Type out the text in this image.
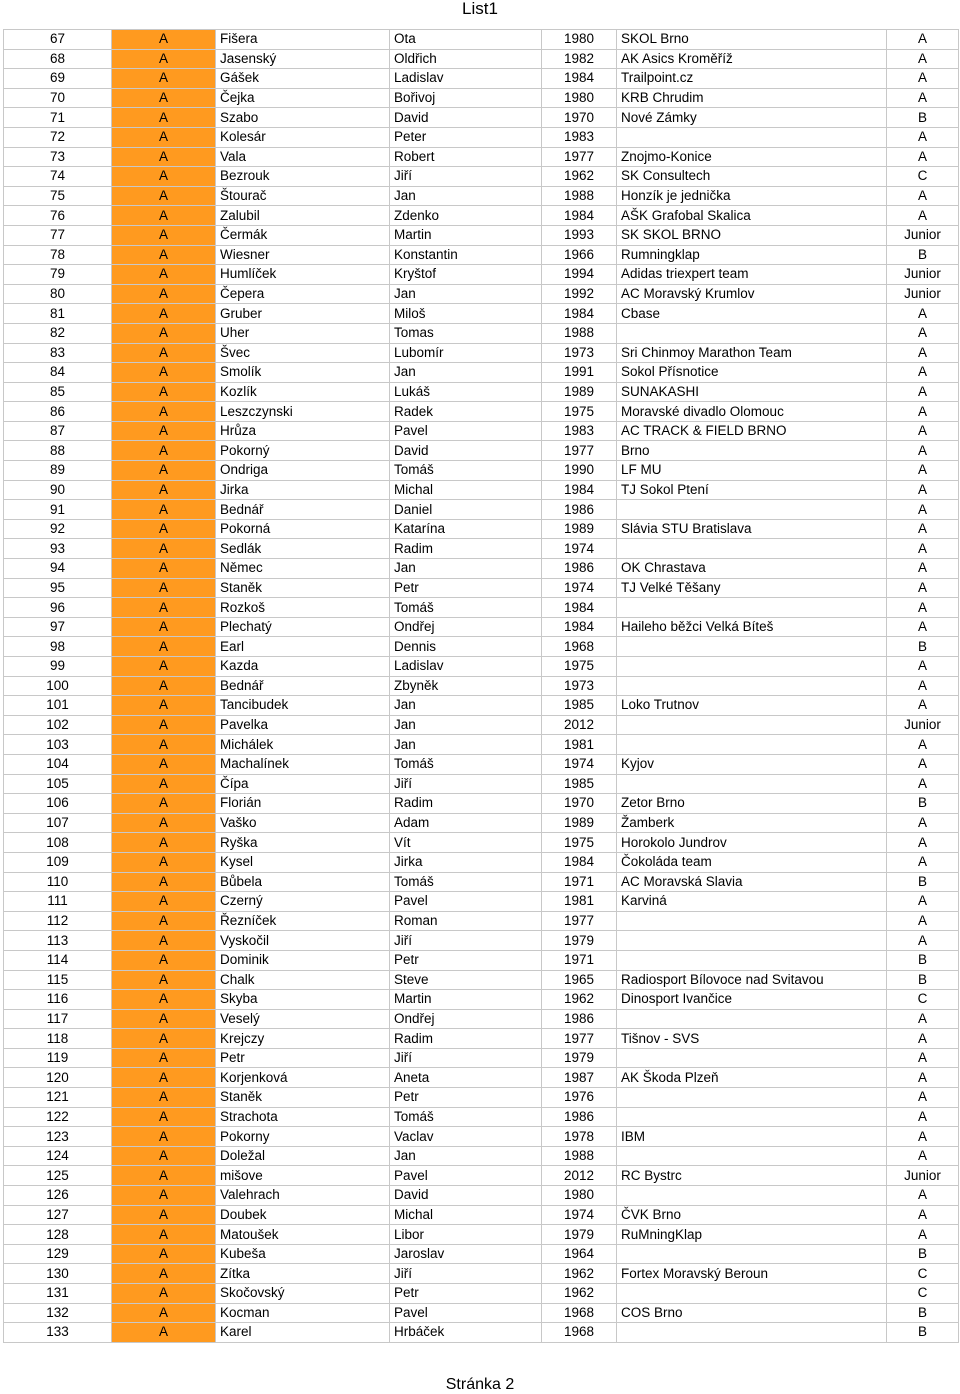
List1
67	A	Fišera	Ota	1980	SKOL Brno	A
68	A	Jasenský	Oldřich	1982	AK Asics Kroměříž	A
69	A	Gášek	Ladislav	1984	Trailpoint.cz	A
70	A	Čejka	Bořivoj	1980	KRB Chrudim	A
71	A	Szabo	David	1970	Nové Zámky	B
72	A	Kolesár	Peter	1983		A
73	A	Vala	Robert	1977	Znojmo-Konice	A
74	A	Bezrouk	Jiří	1962	SK Consultech	C
75	A	Štourač	Jan	1988	Honzík je jednička	A
76	A	Zalubil	Zdenko	1984	AŠK Grafobal Skalica	A
77	A	Čermák	Martin	1993	SK SKOL BRNO	Junior
78	A	Wiesner	Konstantin	1966	Rumningklap	B
79	A	Humlíček	Kryštof	1994	Adidas triexpert team	Junior
80	A	Čepera	Jan	1992	AC Moravský Krumlov	Junior
81	A	Gruber	Miloš	1984	Cbase	A
82	A	Uher	Tomas	1988		A
83	A	Švec	Lubomír	1973	Sri Chinmoy Marathon Team	A
84	A	Smolík	Jan	1991	Sokol Přísnotice	A
85	A	Kozlík	Lukáš	1989	SUNAKASHI	A
86	A	Leszczynski	Radek	1975	Moravské divadlo Olomouc	A
87	A	Hrůza	Pavel	1983	AC TRACK & FIELD BRNO	A
88	A	Pokorný	David	1977	Brno	A
89	A	Ondriga	Tomáš	1990	LF MU	A
90	A	Jirka	Michal	1984	TJ Sokol Ptení	A
91	A	Bednář	Daniel	1986		A
92	A	Pokorná	Katarína	1989	Slávia STU Bratislava	A
93	A	Sedlák	Radim	1974		A
94	A	Němec	Jan	1986	OK Chrastava	A
95	A	Staněk	Petr	1974	TJ Velké Těšany	A
96	A	Rozkoš	Tomáš	1984		A
97	A	Plechatý	Ondřej	1984	Haileho běžci Velká Bíteš	A
98	A	Earl	Dennis	1968		B
99	A	Kazda	Ladislav	1975		A
100	A	Bednář	Zbyněk	1973		A
101	A	Tancibudek	Jan	1985	Loko Trutnov	A
102	A	Pavelka	Jan	2012		Junior
103	A	Michálek	Jan	1981		A
104	A	Machalínek	Tomáš	1974	Kyjov	A
105	A	Čípa	Jiří	1985		A
106	A	Florián	Radim	1970	Zetor Brno	B
107	A	Vaško	Adam	1989	Žamberk	A
108	A	Ryška	Vít	1975	Horokolo Jundrov	A
109	A	Kysel	Jirka	1984	Čokoláda team	A
110	A	Bůbela	Tomáš	1971	AC Moravská Slavia	B
111	A	Czerný	Pavel	1981	Karviná	A
112	A	Řezníček	Roman	1977		A
113	A	Vyskočil	Jiří	1979		A
114	A	Dominik	Petr	1971		B
115	A	Chalk	Steve	1965	Radiosport Bílovoce nad Svitavou	B
116	A	Skyba	Martin	1962	Dinosport Ivančice	C
117	A	Veselý	Ondřej	1986		A
118	A	Krejczy	Radim	1977	Tišnov - SVS	A
119	A	Petr	Jiří	1979		A
120	A	Korjenková	Aneta	1987	AK Škoda Plzeň	A
121	A	Staněk	Petr	1976		A
122	A	Strachota	Tomáš	1986		A
123	A	Pokorny	Vaclav	1978	IBM	A
124	A	Doležal	Jan	1988		A
125	A	mišove	Pavel	2012	RC Bystrc	Junior
126	A	Valehrach	David	1980		A
127	A	Doubek	Michal	1974	ČVK Brno	A
128	A	Matoušek	Libor	1979	RuMningKlap	A
129	A	Kubeša	Jaroslav	1964		B
130	A	Zítka	Jiří	1962	Fortex Moravský Beroun	C
131	A	Skočovský	Petr	1962		C
132	A	Kocman	Pavel	1968	COS Brno	B
133	A	Karel	Hrbáček	1968		B
Stránka 2
